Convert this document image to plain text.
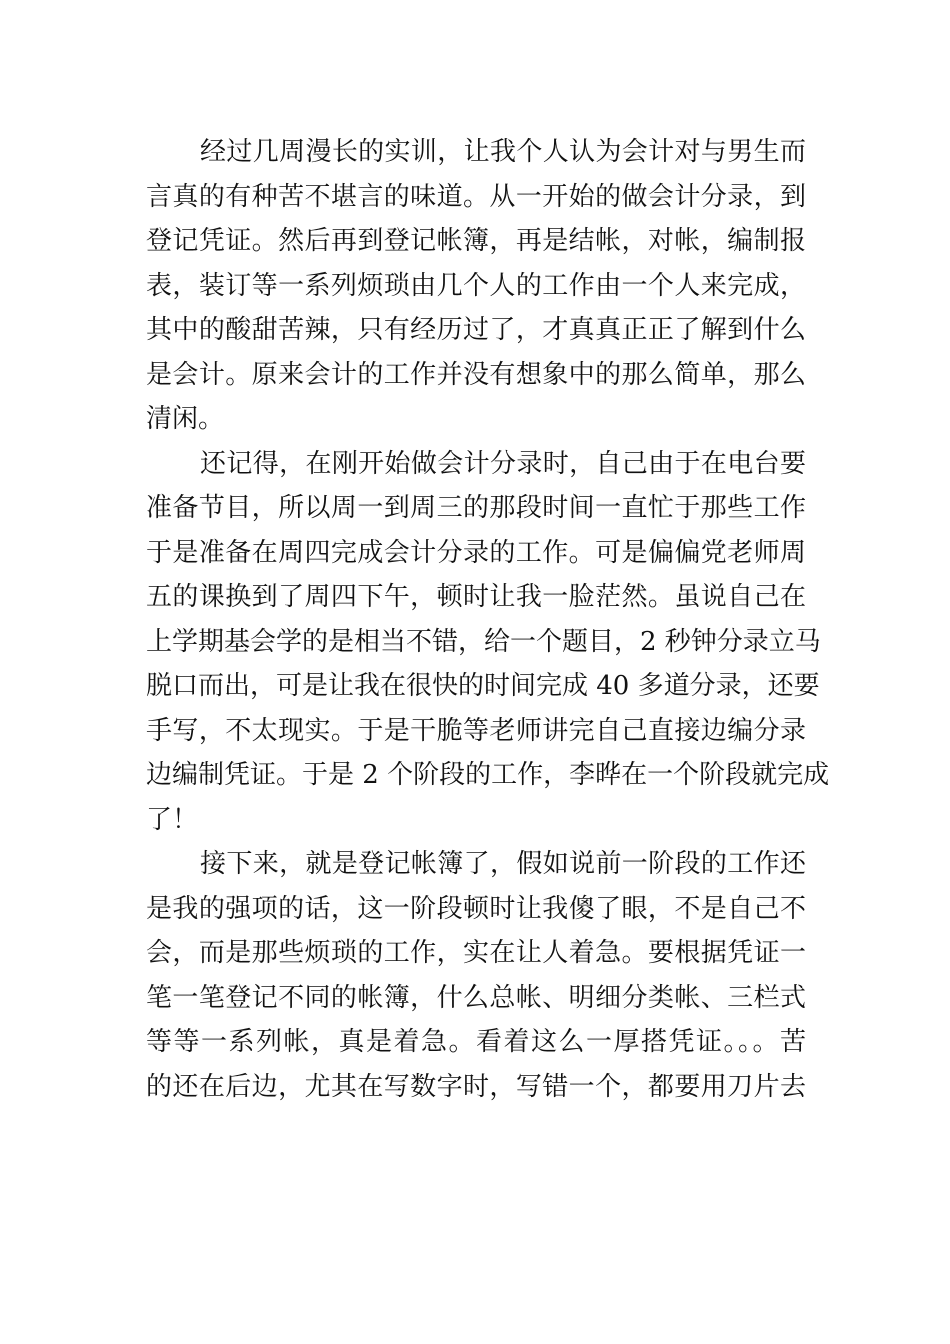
经过几周漫长的实训，让我个人认为会计对与男生而
言真的有种苦不堪言的味道。从一开始的做会计分录，到
登记凭证。然后再到登记帐簿，再是结帐，对帐，编制报
表，装订等一系列烦琐由几个人的工作由一个人来完成，
其中的酸甜苦辣，只有经历过了，才真真正正了解到什么
是会计。原来会计的工作并没有想象中的那么简单，那么
清闲。
还记得，在刚开始做会计分录时，自己由于在电台要
准备节目，所以周一到周三的那段时间一直忙于那些工作
于是准备在周四完成会计分录的工作。可是偏偏党老师周
五的课换到了周四下午，顿时让我一脸茫然。虽说自己在
上学期基会学的是相当不错，给一个题目，2 秒钟分录立马
脱口而出，可是让我在很快的时间完成 40 多道分录，还要
手写，不太现实。于是干脆等老师讲完自己直接边编分录
边编制凭证。于是 2 个阶段的工作，李晔在一个阶段就完成
了！
接下来，就是登记帐簿了，假如说前一阶段的工作还
是我的强项的话，这一阶段顿时让我傻了眼，不是自己不
会，而是那些烦琐的工作，实在让人着急。要根据凭证一
笔一笔登记不同的帐簿，什么总帐、明细分类帐、三栏式
等等一系列帐，真是着急。看着这么一厚搭凭证。。。苦
的还在后边，尤其在写数字时，写错一个，都要用刀片去
